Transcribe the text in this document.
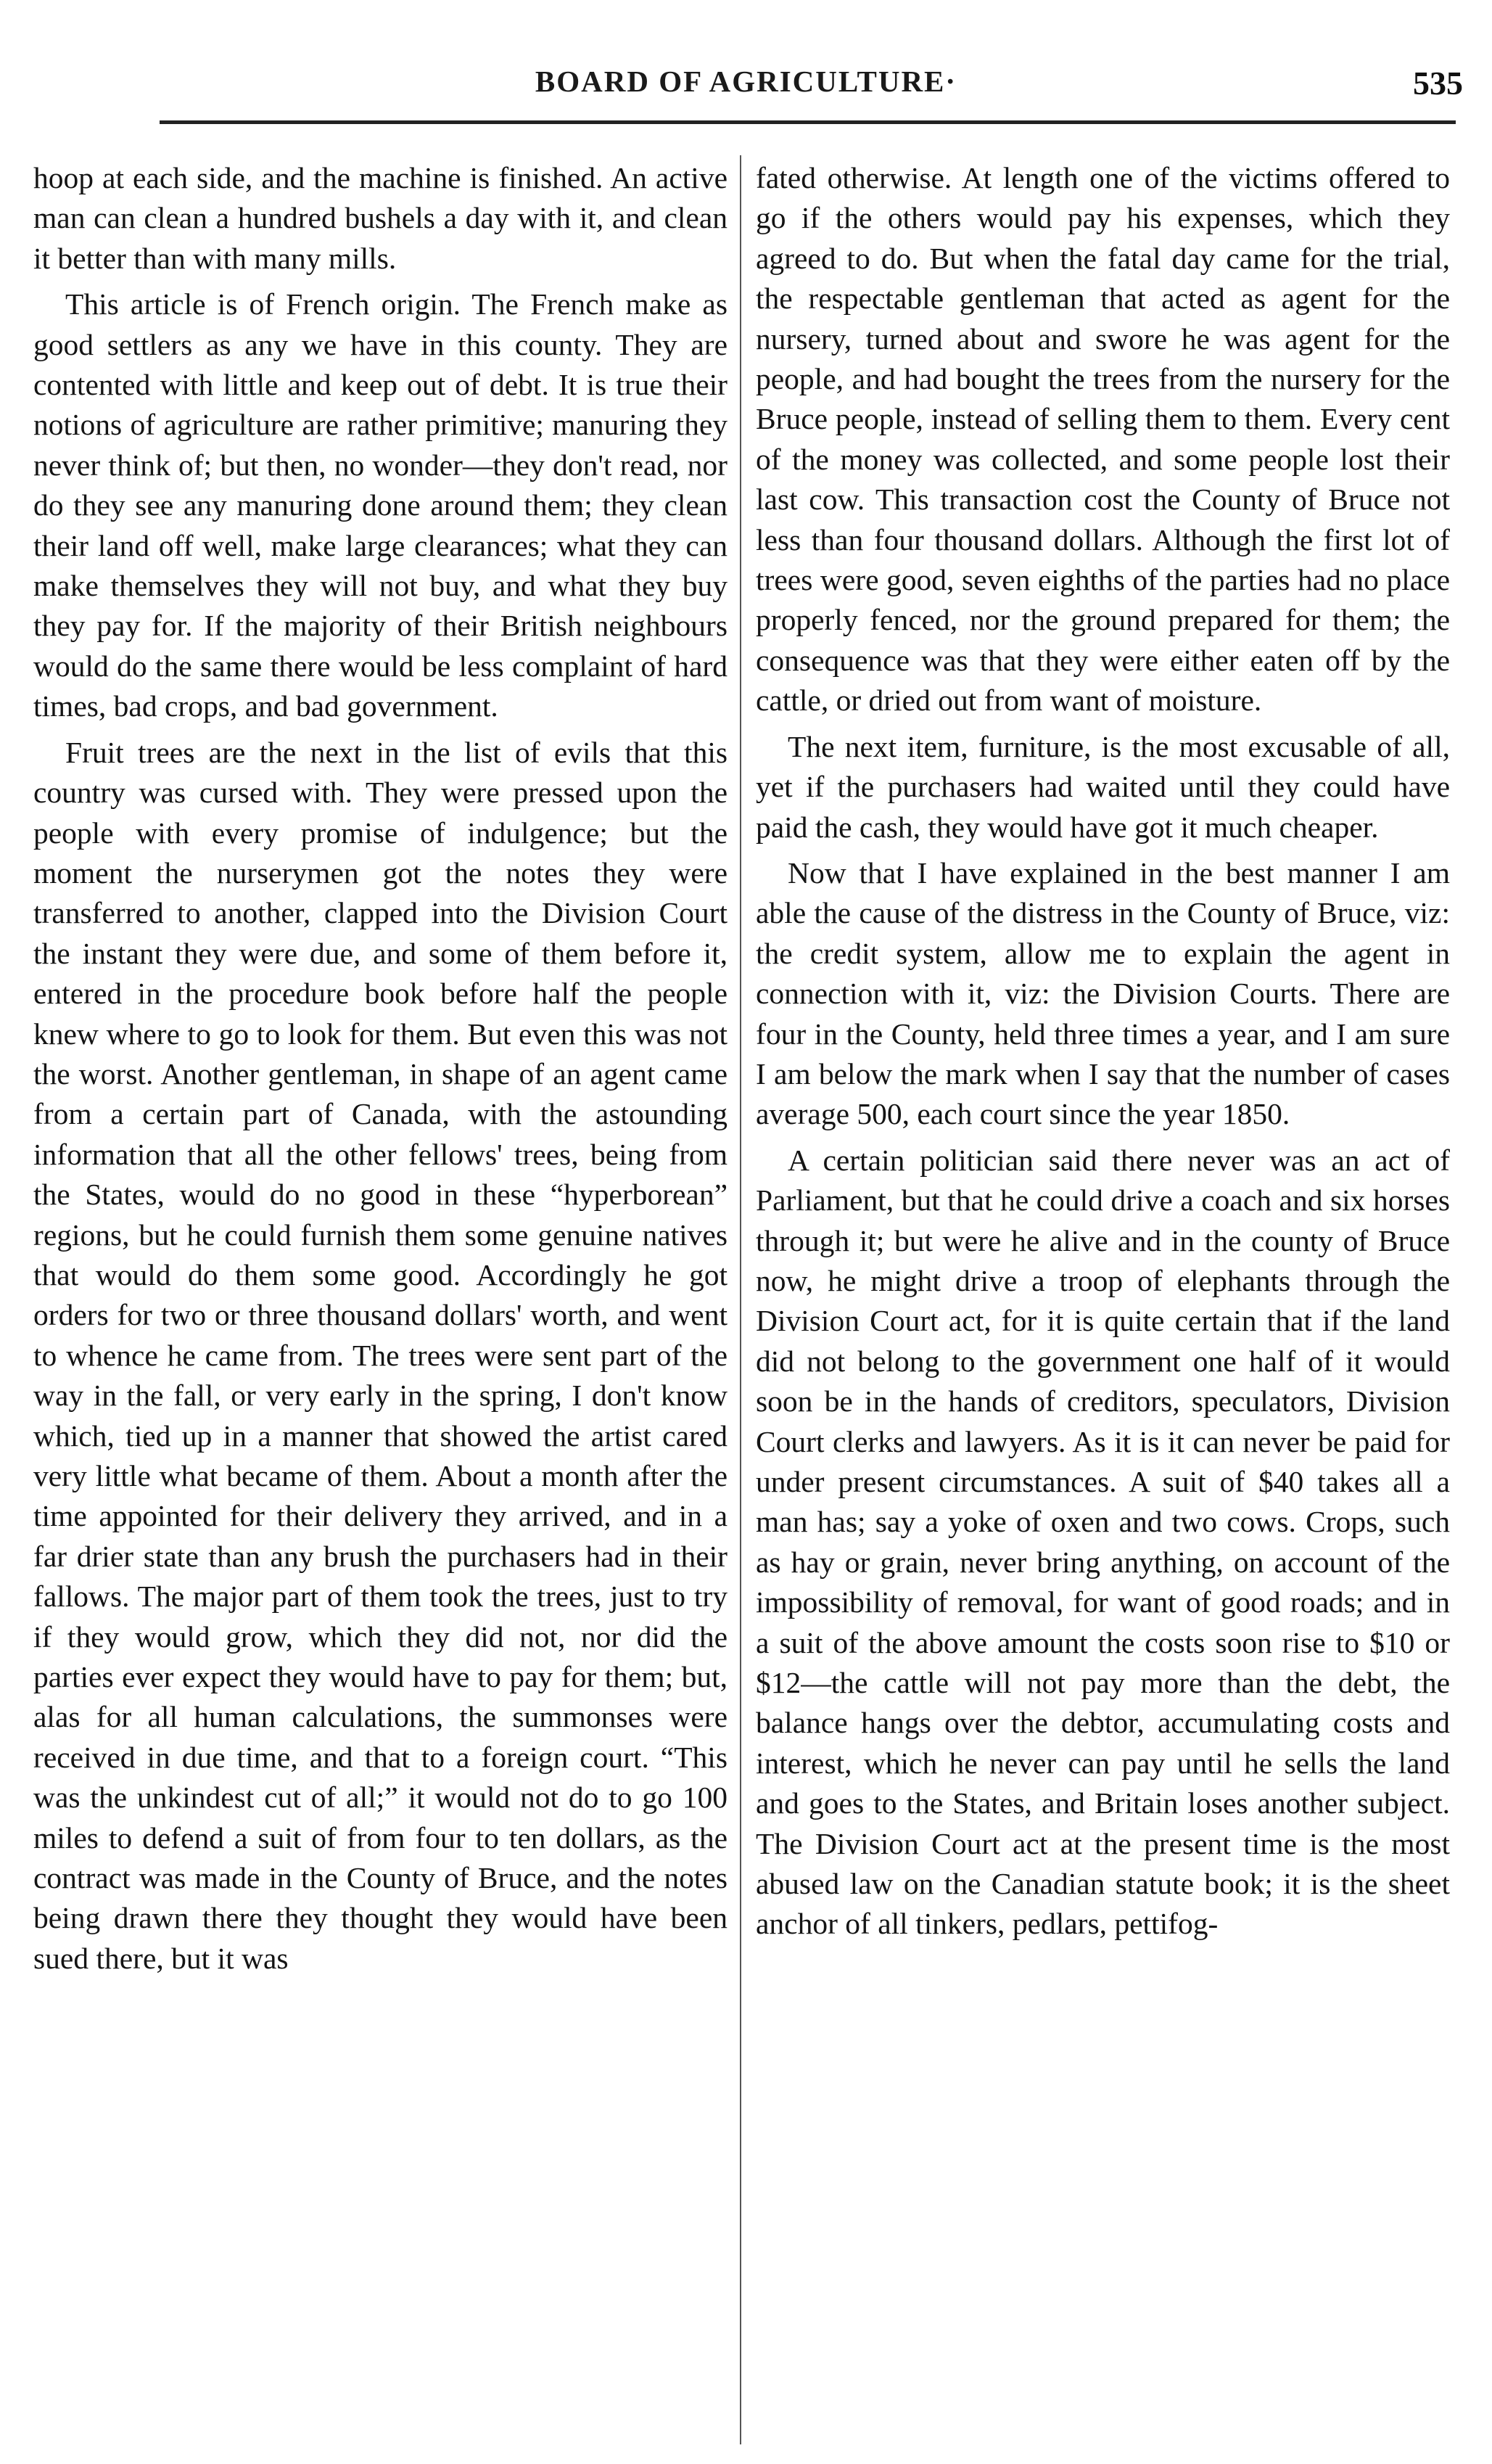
BOARD OF AGRICULTURE·	535

hoop at each side, and the machine is finished. An active man can clean a hundred bushels a day with it, and clean it better than with many mills.

This article is of French origin. The French make as good settlers as any we have in this county. They are contented with little and keep out of debt. It is true their notions of agriculture are rather primitive; manuring they never think of; but then, no wonder—they don't read, nor do they see any manuring done around them; they clean their land off well, make large clearances; what they can make themselves they will not buy, and what they buy they pay for. If the majority of their British neighbours would do the same there would be less complaint of hard times, bad crops, and bad government.

Fruit trees are the next in the list of evils that this country was cursed with. They were pressed upon the people with every promise of indulgence; but the moment the nurserymen got the notes they were transferred to another, clapped into the Division Court the instant they were due, and some of them before it, entered in the procedure book before half the people knew where to go to look for them. But even this was not the worst. Another gentleman, in shape of an agent came from a certain part of Canada, with the astounding information that all the other fellows' trees, being from the States, would do no good in these “hyperborean” regions, but he could furnish them some genuine natives that would do them some good. Accordingly he got orders for two or three thousand dollars' worth, and went to whence he came from. The trees were sent part of the way in the fall, or very early in the spring, I don't know which, tied up in a manner that showed the artist cared very little what became of them. About a month after the time appointed for their delivery they arrived, and in a far drier state than any brush the purchasers had in their fallows. The major part of them took the trees, just to try if they would grow, which they did not, nor did the parties ever expect they would have to pay for them; but, alas for all human calculations, the summonses were received in due time, and that to a foreign court. “This was the unkindest cut of all;” it would not do to go 100 miles to defend a suit of from four to ten dollars, as the contract was made in the County of Bruce, and the notes being drawn there they thought they would have been sued there, but it was

fated otherwise. At length one of the victims offered to go if the others would pay his expenses, which they agreed to do. But when the fatal day came for the trial, the respectable gentleman that acted as agent for the nursery, turned about and swore he was agent for the people, and had bought the trees from the nursery for the Bruce people, instead of selling them to them. Every cent of the money was collected, and some people lost their last cow. This transaction cost the County of Bruce not less than four thousand dollars. Although the first lot of trees were good, seven eighths of the parties had no place properly fenced, nor the ground prepared for them; the consequence was that they were either eaten off by the cattle, or dried out from want of moisture.

The next item, furniture, is the most excusable of all, yet if the purchasers had waited until they could have paid the cash, they would have got it much cheaper.

Now that I have explained in the best manner I am able the cause of the distress in the County of Bruce, viz: the credit system, allow me to explain the agent in connection with it, viz: the Division Courts. There are four in the County, held three times a year, and I am sure I am below the mark when I say that the number of cases average 500, each court since the year 1850.

A certain politician said there never was an act of Parliament, but that he could drive a coach and six horses through it; but were he alive and in the county of Bruce now, he might drive a troop of elephants through the Division Court act, for it is quite certain that if the land did not belong to the government one half of it would soon be in the hands of creditors, speculators, Division Court clerks and lawyers. As it is it can never be paid for under present circumstances. A suit of $40 takes all a man has; say a yoke of oxen and two cows. Crops, such as hay or grain, never bring anything, on account of the impossibility of removal, for want of good roads; and in a suit of the above amount the costs soon rise to $10 or $12—the cattle will not pay more than the debt, the balance hangs over the debtor, accumulating costs and interest, which he never can pay until he sells the land and goes to the States, and Britain loses another subject. The Division Court act at the present time is the most abused law on the Canadian statute book; it is the sheet anchor of all tinkers, pedlars, pettifog-
